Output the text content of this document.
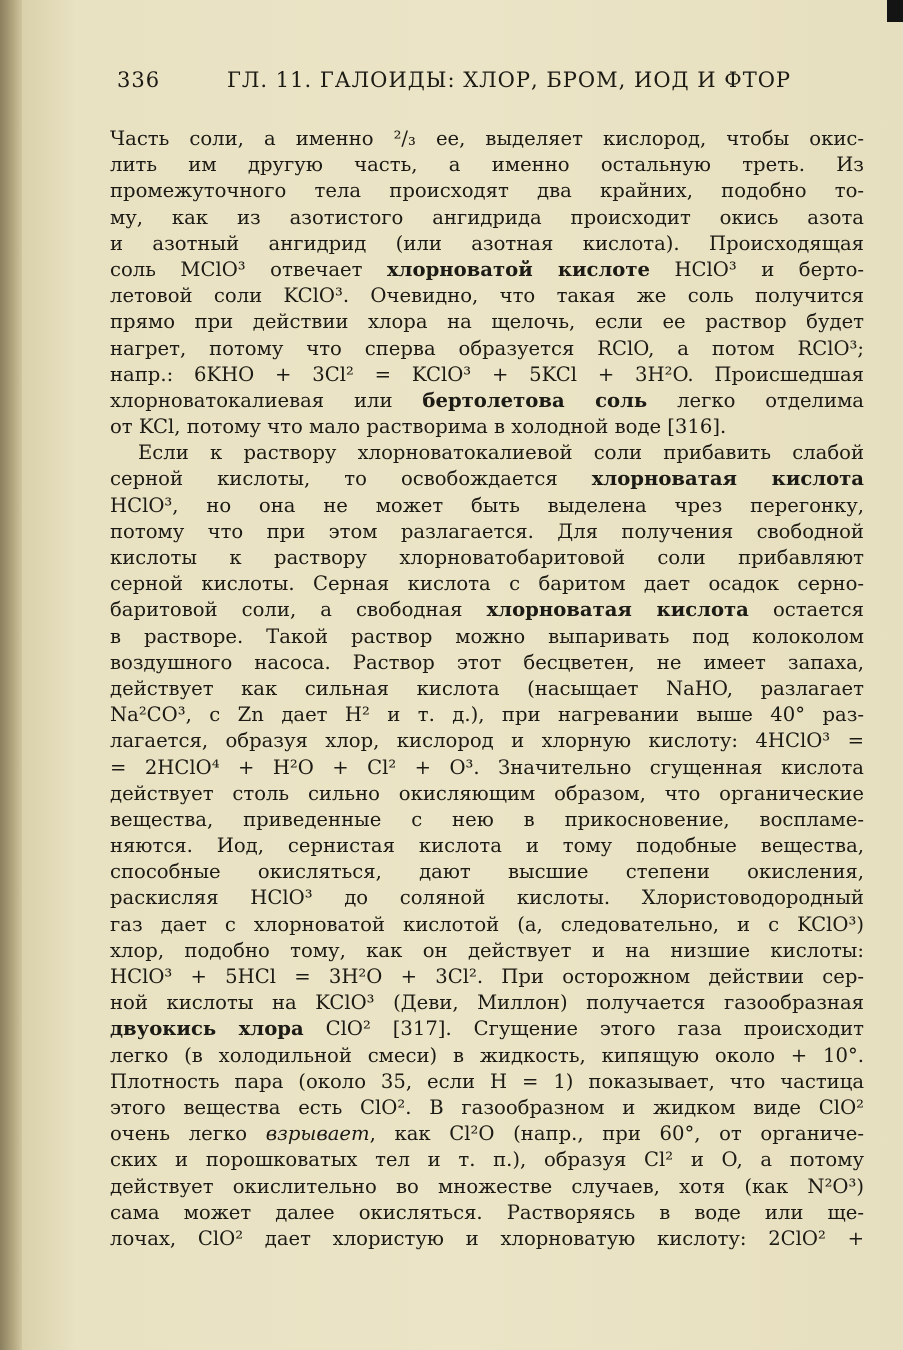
336	ГЛ. 11. ГАЛОИДЫ: ХЛОР, БРОМ, ИОД И ФТОР
Часть соли, а именно ²/₃ ее, выделяет кислород, чтобы окис-
лить им другую часть, а именно остальную треть. Из
промежуточного тела происходят два крайних, подобно то-
му, как из азотистого ангидрида происходит окись азота
и азотный ангидрид (или азотная кислота). Происходящая
соль MClO³ отвечает хлорноватой кислоте HClO³ и берто-
летовой соли KClO³. Очевидно, что такая же соль получится
прямо при действии хлора на щелочь, если ее раствор будет
нагрет, потому что сперва образуется RClO, а потом RClO³;
напр.: 6KHO + 3Cl² = KClO³ + 5KCl + 3H²O. Происшедшая
хлорноватокалиевая или бертолетова соль легко отделима
от KCl, потому что мало растворима в холодной воде [316].
Если к раствору хлорноватокалиевой соли прибавить слабой
серной кислоты, то освобождается хлорноватая кислота
HClO³, но она не может быть выделена чрез перегонку,
потому что при этом разлагается. Для получения свободной
кислоты к раствору хлорноватобаритовой соли прибавляют
серной кислоты. Серная кислота с баритом дает осадок серно-
баритовой соли, а свободная хлорноватая кислота остается
в растворе. Такой раствор можно выпаривать под колоколом
воздушного насоса. Раствор этот бесцветен, не имеет запаха,
действует как сильная кислота (насыщает NaHO, разлагает
Na²CO³, с Zn дает H² и т. д.), при нагревании выше 40° раз-
лагается, образуя хлор, кислород и хлорную кислоту: 4HClO³ =
= 2HClO⁴ + H²O + Cl² + O³. Значительно сгущенная кислота
действует столь сильно окисляющим образом, что органические
вещества, приведенные с нею в прикосновение, воспламе-
няются. Иод, сернистая кислота и тому подобные вещества,
способные окисляться, дают высшие степени окисления,
раскисляя HClO³ до соляной кислоты. Хлористоводородный
газ дает с хлорноватой кислотой (а, следовательно, и с KClO³)
хлор, подобно тому, как он действует и на низшие кислоты:
HClO³ + 5HCl = 3H²O + 3Cl². При осторожном действии сер-
ной кислоты на KClO³ (Деви, Миллон) получается газообразная
двуокись хлора ClO² [317]. Сгущение этого газа происходит
легко (в холодильной смеси) в жидкость, кипящую около + 10°.
Плотность пара (около 35, если H = 1) показывает, что частица
этого вещества есть ClO². В газообразном и жидком виде ClO²
очень легко взрывает, как Cl²O (напр., при 60°, от органиче-
ских и порошковатых тел и т. п.), образуя Cl² и O, а потому
действует окислительно во множестве случаев, хотя (как N²O³)
сама может далее окисляться. Растворяясь в воде или ще-
лочах, ClO² дает хлористую и хлорноватую кислоту: 2ClO² +
